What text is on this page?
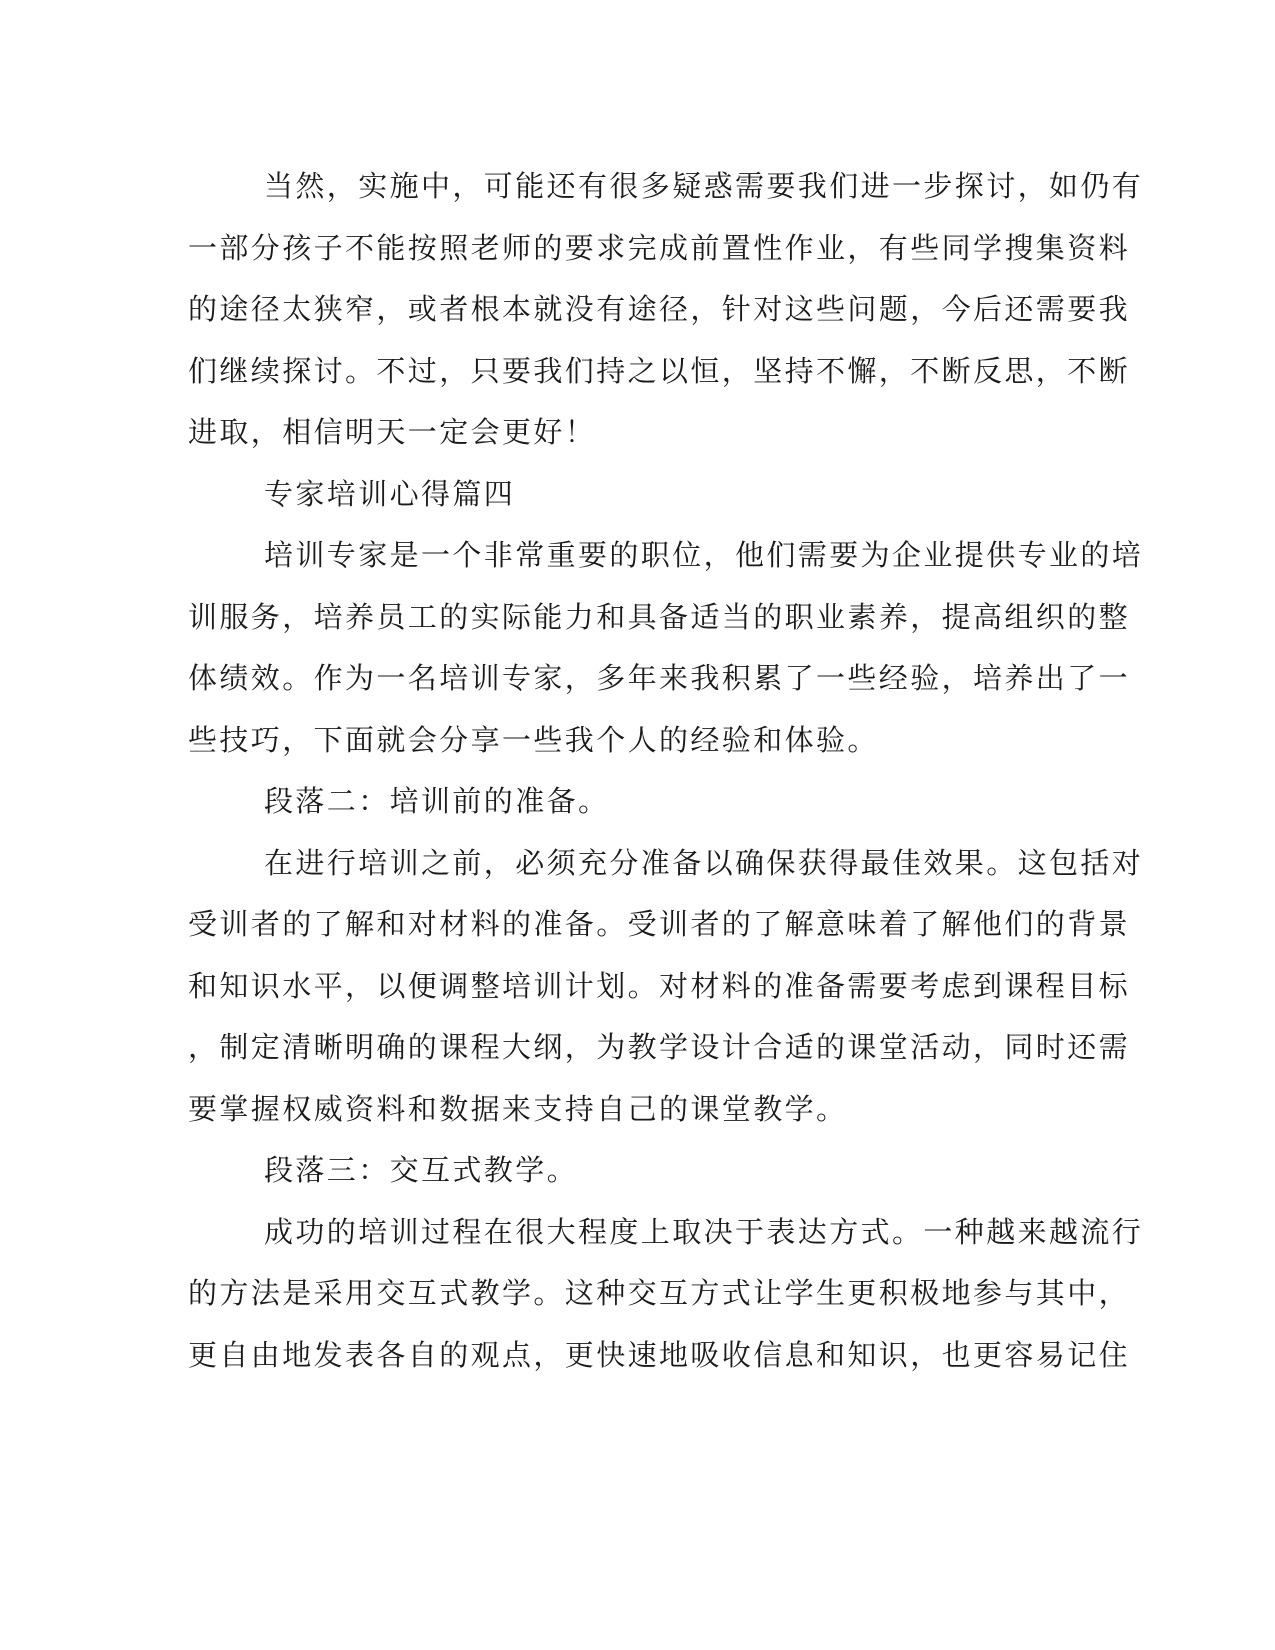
当然，实施中，可能还有很多疑惑需要我们进一步探讨，如仍有
一部分孩子不能按照老师的要求完成前置性作业，有些同学搜集资料
的途径太狭窄，或者根本就没有途径，针对这些问题，今后还需要我
们继续探讨。不过，只要我们持之以恒，坚持不懈，不断反思，不断
进取，相信明天一定会更好！
专家培训心得篇四
培训专家是一个非常重要的职位，他们需要为企业提供专业的培
训服务，培养员工的实际能力和具备适当的职业素养，提高组织的整
体绩效。作为一名培训专家，多年来我积累了一些经验，培养出了一
些技巧，下面就会分享一些我个人的经验和体验。
段落二：培训前的准备。
在进行培训之前，必须充分准备以确保获得最佳效果。这包括对
受训者的了解和对材料的准备。受训者的了解意味着了解他们的背景
和知识水平，以便调整培训计划。对材料的准备需要考虑到课程目标
，制定清晰明确的课程大纲，为教学设计合适的课堂活动，同时还需
要掌握权威资料和数据来支持自己的课堂教学。
段落三：交互式教学。
成功的培训过程在很大程度上取决于表达方式。一种越来越流行
的方法是采用交互式教学。这种交互方式让学生更积极地参与其中，
更自由地发表各自的观点，更快速地吸收信息和知识，也更容易记住
